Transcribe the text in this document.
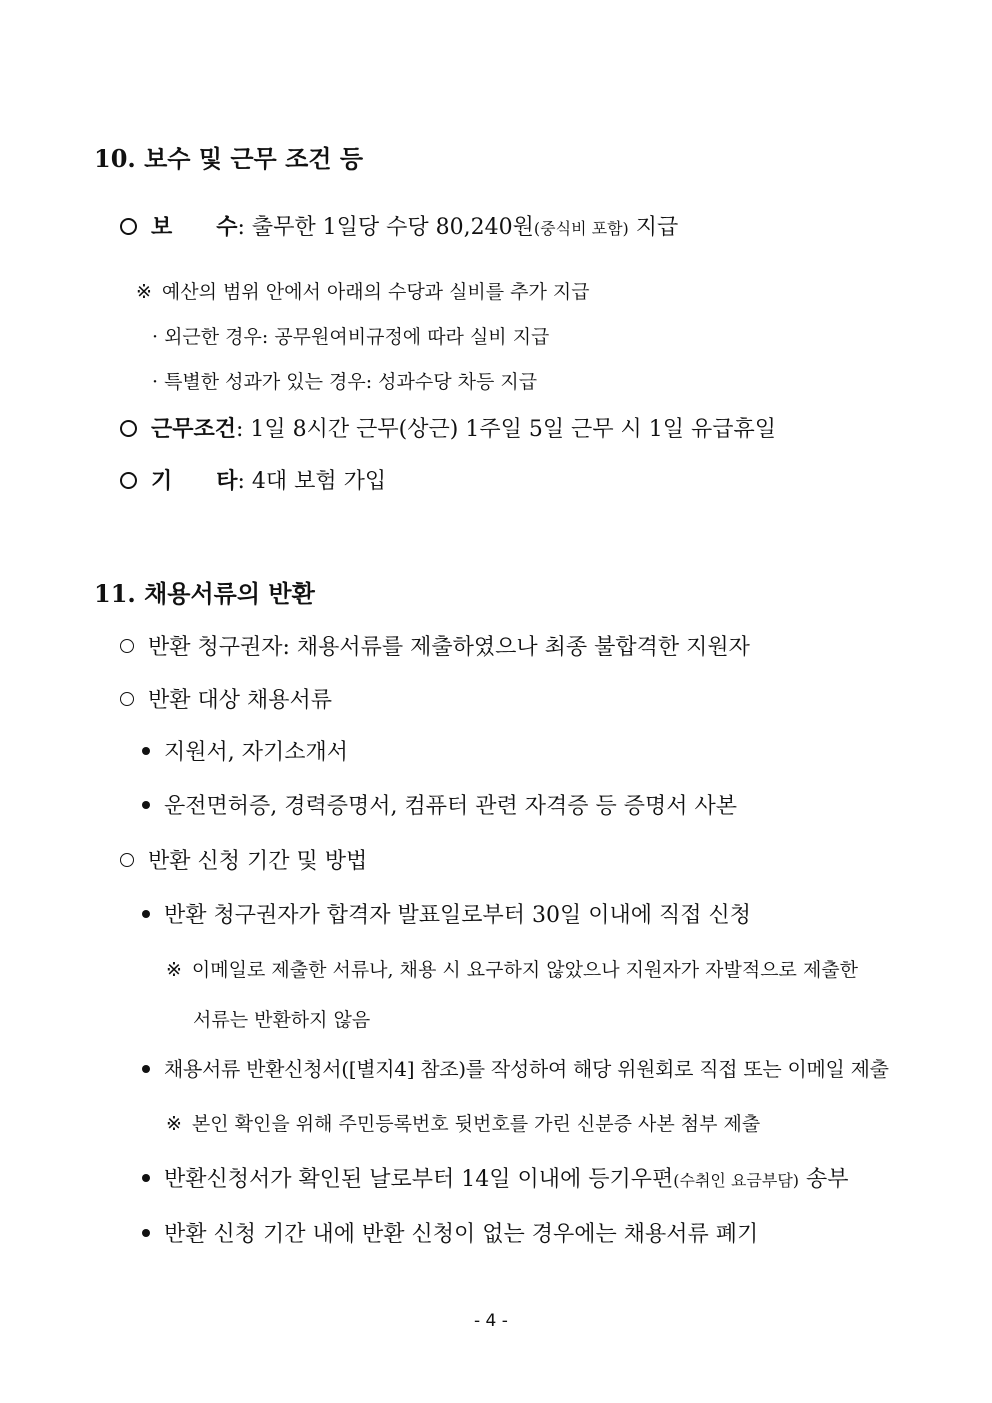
10. 보수 및 근무 조건 등
보 수: 출무한 1일당 수당 80,240원(중식비 포함) 지급
※ 예산의 범위 안에서 아래의 수당과 실비를 추가 지급
· 외근한 경우: 공무원여비규정에 따라 실비 지급
· 특별한 성과가 있는 경우: 성과수당 차등 지급
근무조건: 1일 8시간 근무(상근) 1주일 5일 근무 시 1일 유급휴일
기 타: 4대 보험 가입
11. 채용서류의 반환
반환 청구권자: 채용서류를 제출하였으나 최종 불합격한 지원자
반환 대상 채용서류
지원서, 자기소개서
운전면허증, 경력증명서, 컴퓨터 관련 자격증 등 증명서 사본
반환 신청 기간 및 방법
반환 청구권자가 합격자 발표일로부터 30일 이내에 직접 신청
※ 이메일로 제출한 서류나, 채용 시 요구하지 않았으나 지원자가 자발적으로 제출한
서류는 반환하지 않음
채용서류 반환신청서([별지4] 참조)를 작성하여 해당 위원회로 직접 또는 이메일 제출
※ 본인 확인을 위해 주민등록번호 뒷번호를 가린 신분증 사본 첨부 제출
반환신청서가 확인된 날로부터 14일 이내에 등기우편(수취인 요금부담) 송부
반환 신청 기간 내에 반환 신청이 없는 경우에는 채용서류 폐기
- 4 -
